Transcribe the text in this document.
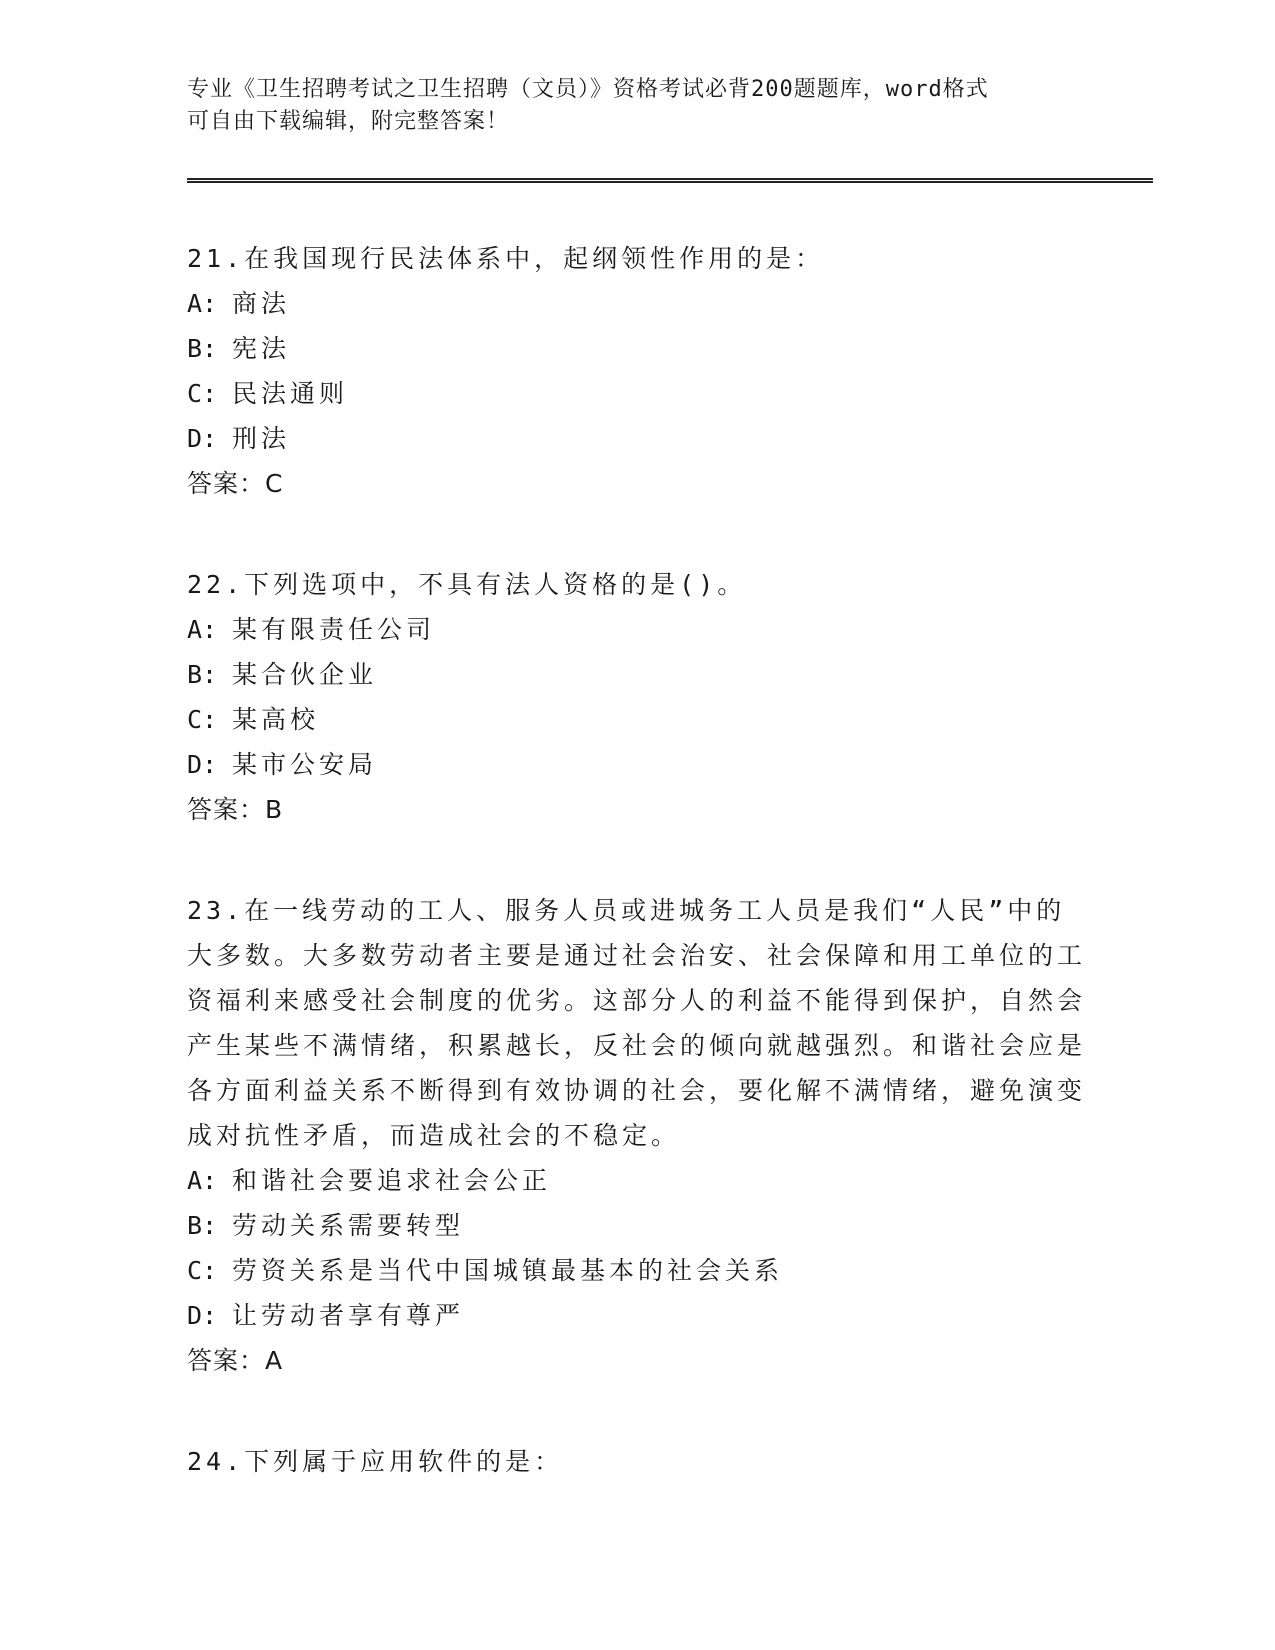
专业《卫生招聘考试之卫生招聘（文员）》资格考试必背200题题库，word格式
可自由下载编辑，附完整答案！

21.在我国现行民法体系中，起纲领性作用的是：

A: 商法

B: 宪法

C: 民法通则

D: 刑法

答案：C

22.下列选项中，不具有法人资格的是()。

A: 某有限责任公司

B: 某合伙企业

C: 某高校

D: 某市公安局

答案：B

23.在一线劳动的工人、服务人员或进城务工人员是我们“人民”中的大多数。大多数劳动者主要是通过社会治安、社会保障和用工单位的工资福利来感受社会制度的优劣。这部分人的利益不能得到保护，自然会产生某些不满情绪，积累越长，反社会的倾向就越强烈。和谐社会应是各方面利益关系不断得到有效协调的社会，要化解不满情绪，避免演变成对抗性矛盾，而造成社会的不稳定。

A: 和谐社会要追求社会公正

B: 劳动关系需要转型

C: 劳资关系是当代中国城镇最基本的社会关系

D: 让劳动者享有尊严

答案：A

24.下列属于应用软件的是：
